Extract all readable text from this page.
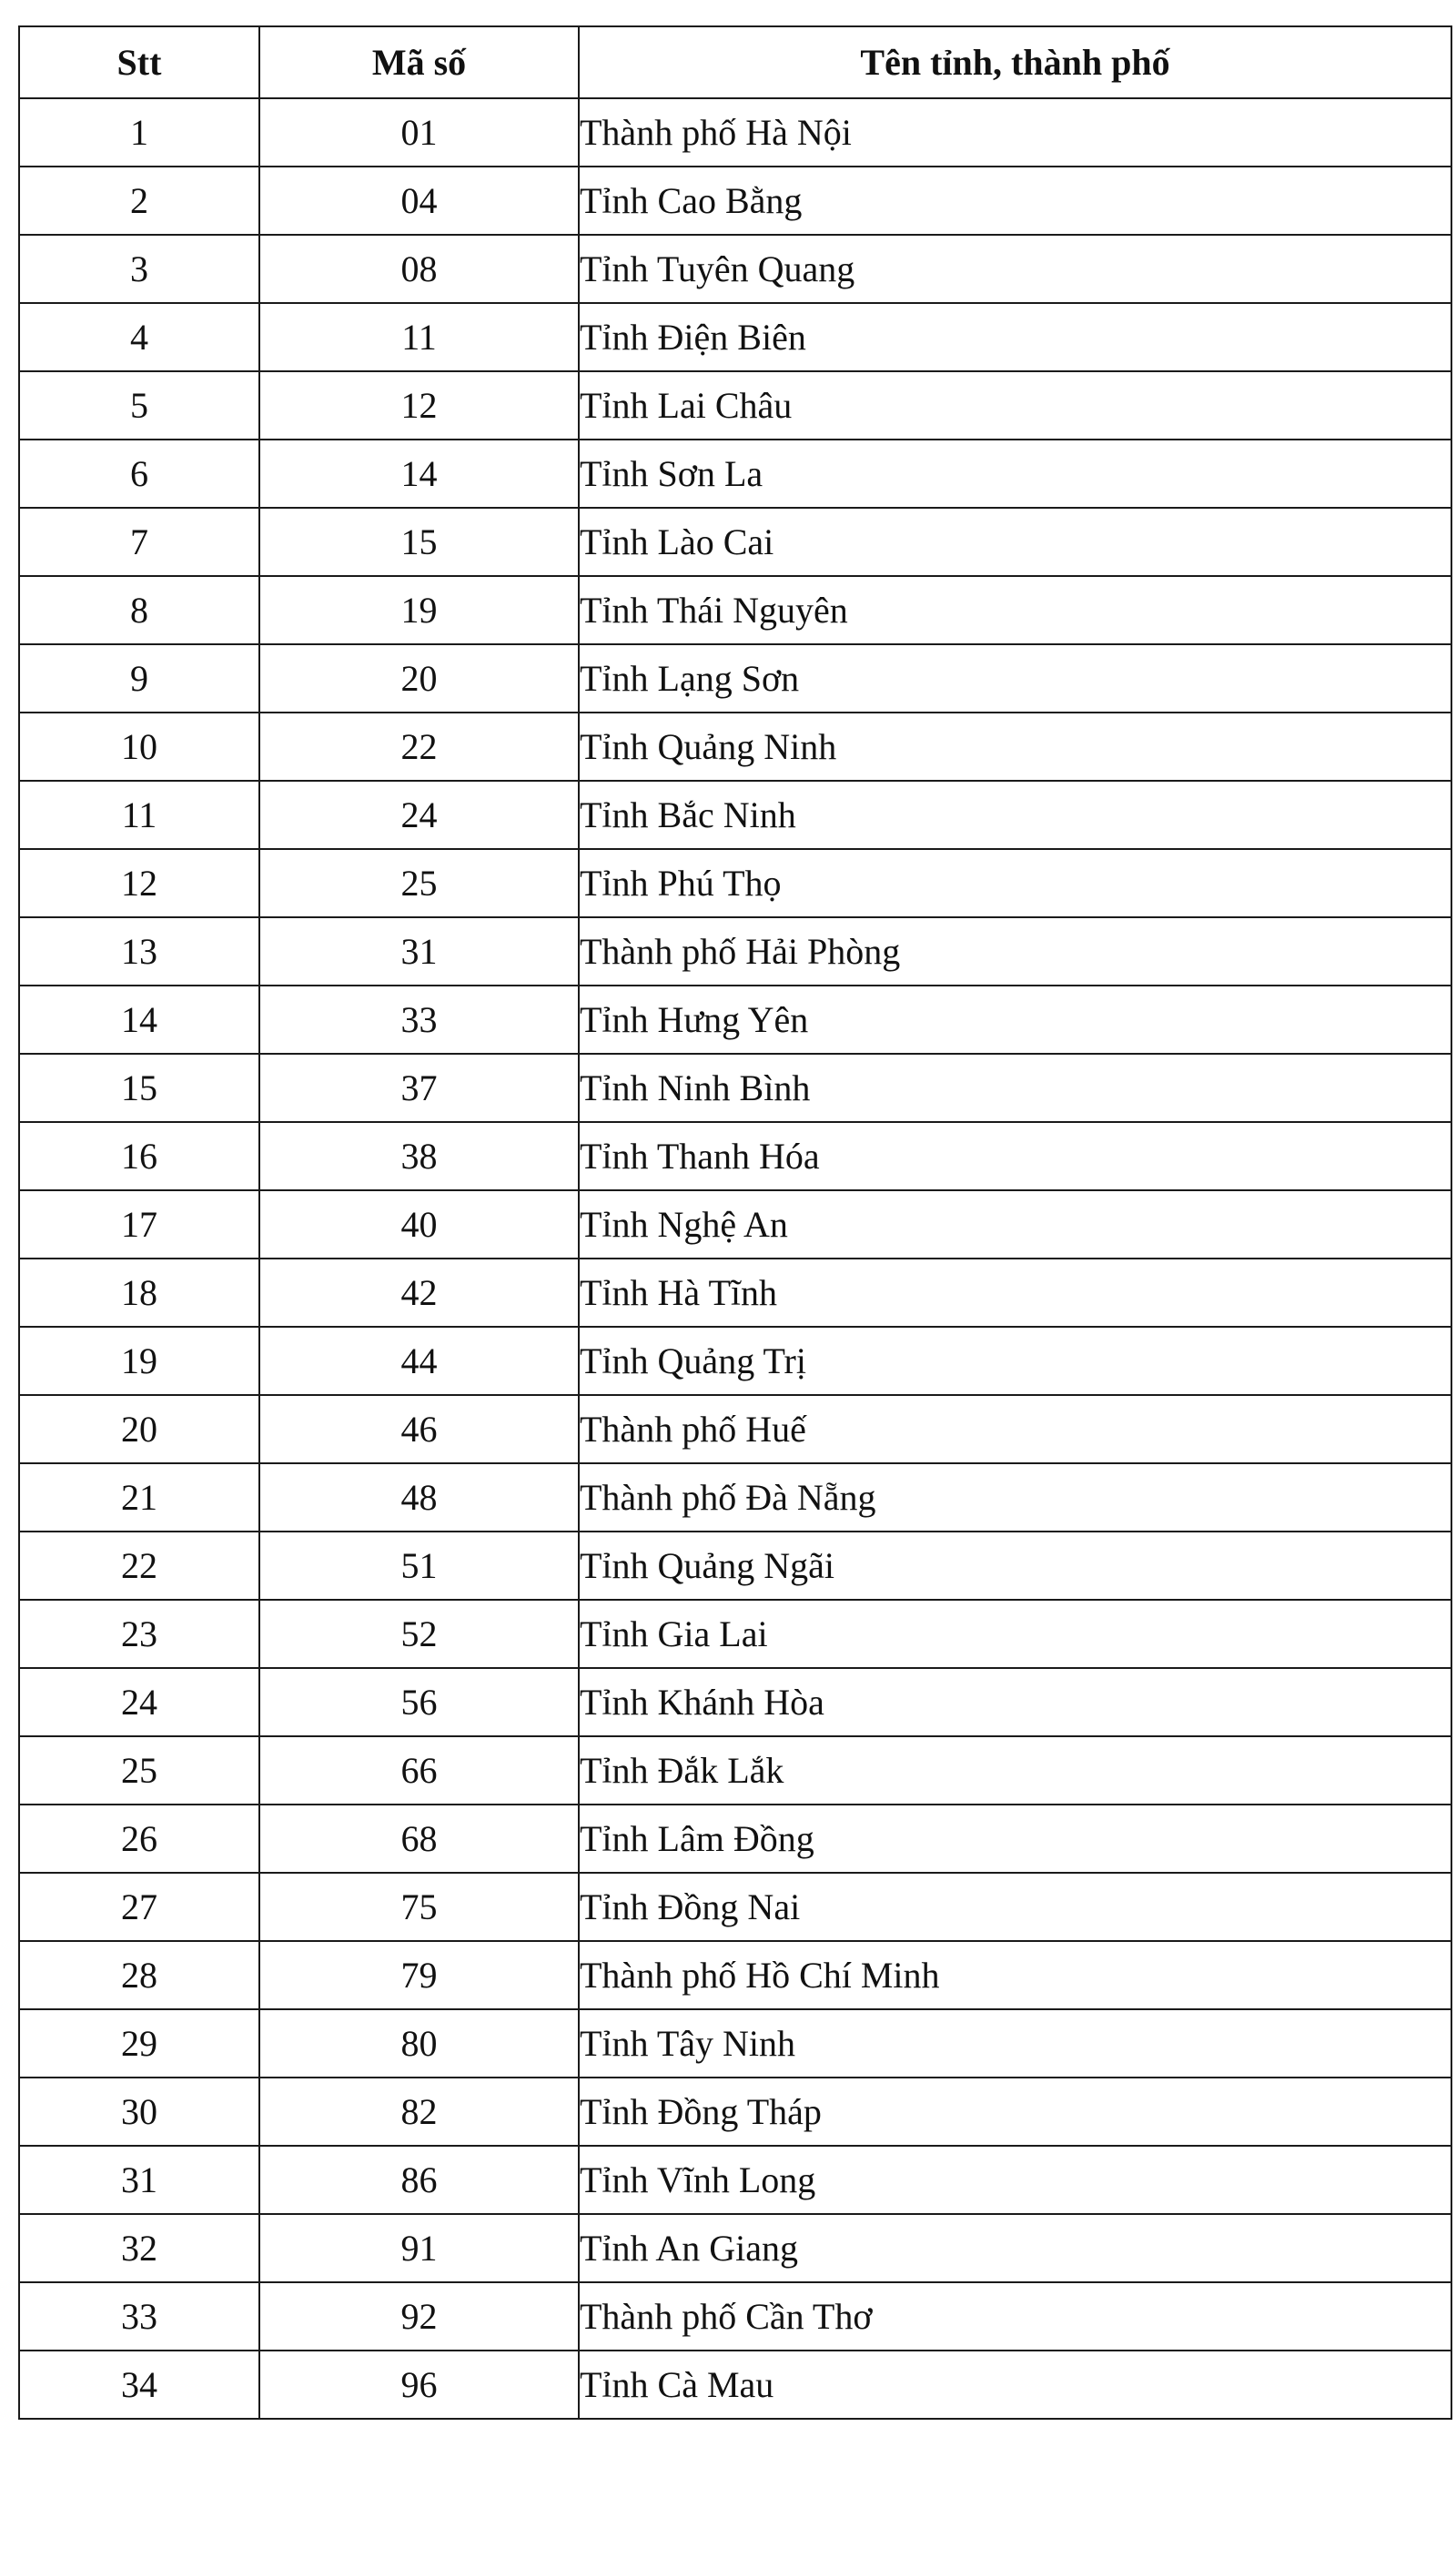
Stt	Mã số	Tên tỉnh, thành phố
1	01	Thành phố Hà Nội
2	04	Tỉnh Cao Bằng
3	08	Tỉnh Tuyên Quang
4	11	Tỉnh Điện Biên
5	12	Tỉnh Lai Châu
6	14	Tỉnh Sơn La
7	15	Tỉnh Lào Cai
8	19	Tỉnh Thái Nguyên
9	20	Tỉnh Lạng Sơn
10	22	Tỉnh Quảng Ninh
11	24	Tỉnh Bắc Ninh
12	25	Tỉnh Phú Thọ
13	31	Thành phố Hải Phòng
14	33	Tỉnh Hưng Yên
15	37	Tỉnh Ninh Bình
16	38	Tỉnh Thanh Hóa
17	40	Tỉnh Nghệ An
18	42	Tỉnh Hà Tĩnh
19	44	Tỉnh Quảng Trị
20	46	Thành phố Huế
21	48	Thành phố Đà Nẵng
22	51	Tỉnh Quảng Ngãi
23	52	Tỉnh Gia Lai
24	56	Tỉnh Khánh Hòa
25	66	Tỉnh Đắk Lắk
26	68	Tỉnh Lâm Đồng
27	75	Tỉnh Đồng Nai
28	79	Thành phố Hồ Chí Minh
29	80	Tỉnh Tây Ninh
30	82	Tỉnh Đồng Tháp
31	86	Tỉnh Vĩnh Long
32	91	Tỉnh An Giang
33	92	Thành phố Cần Thơ
34	96	Tỉnh Cà Mau
